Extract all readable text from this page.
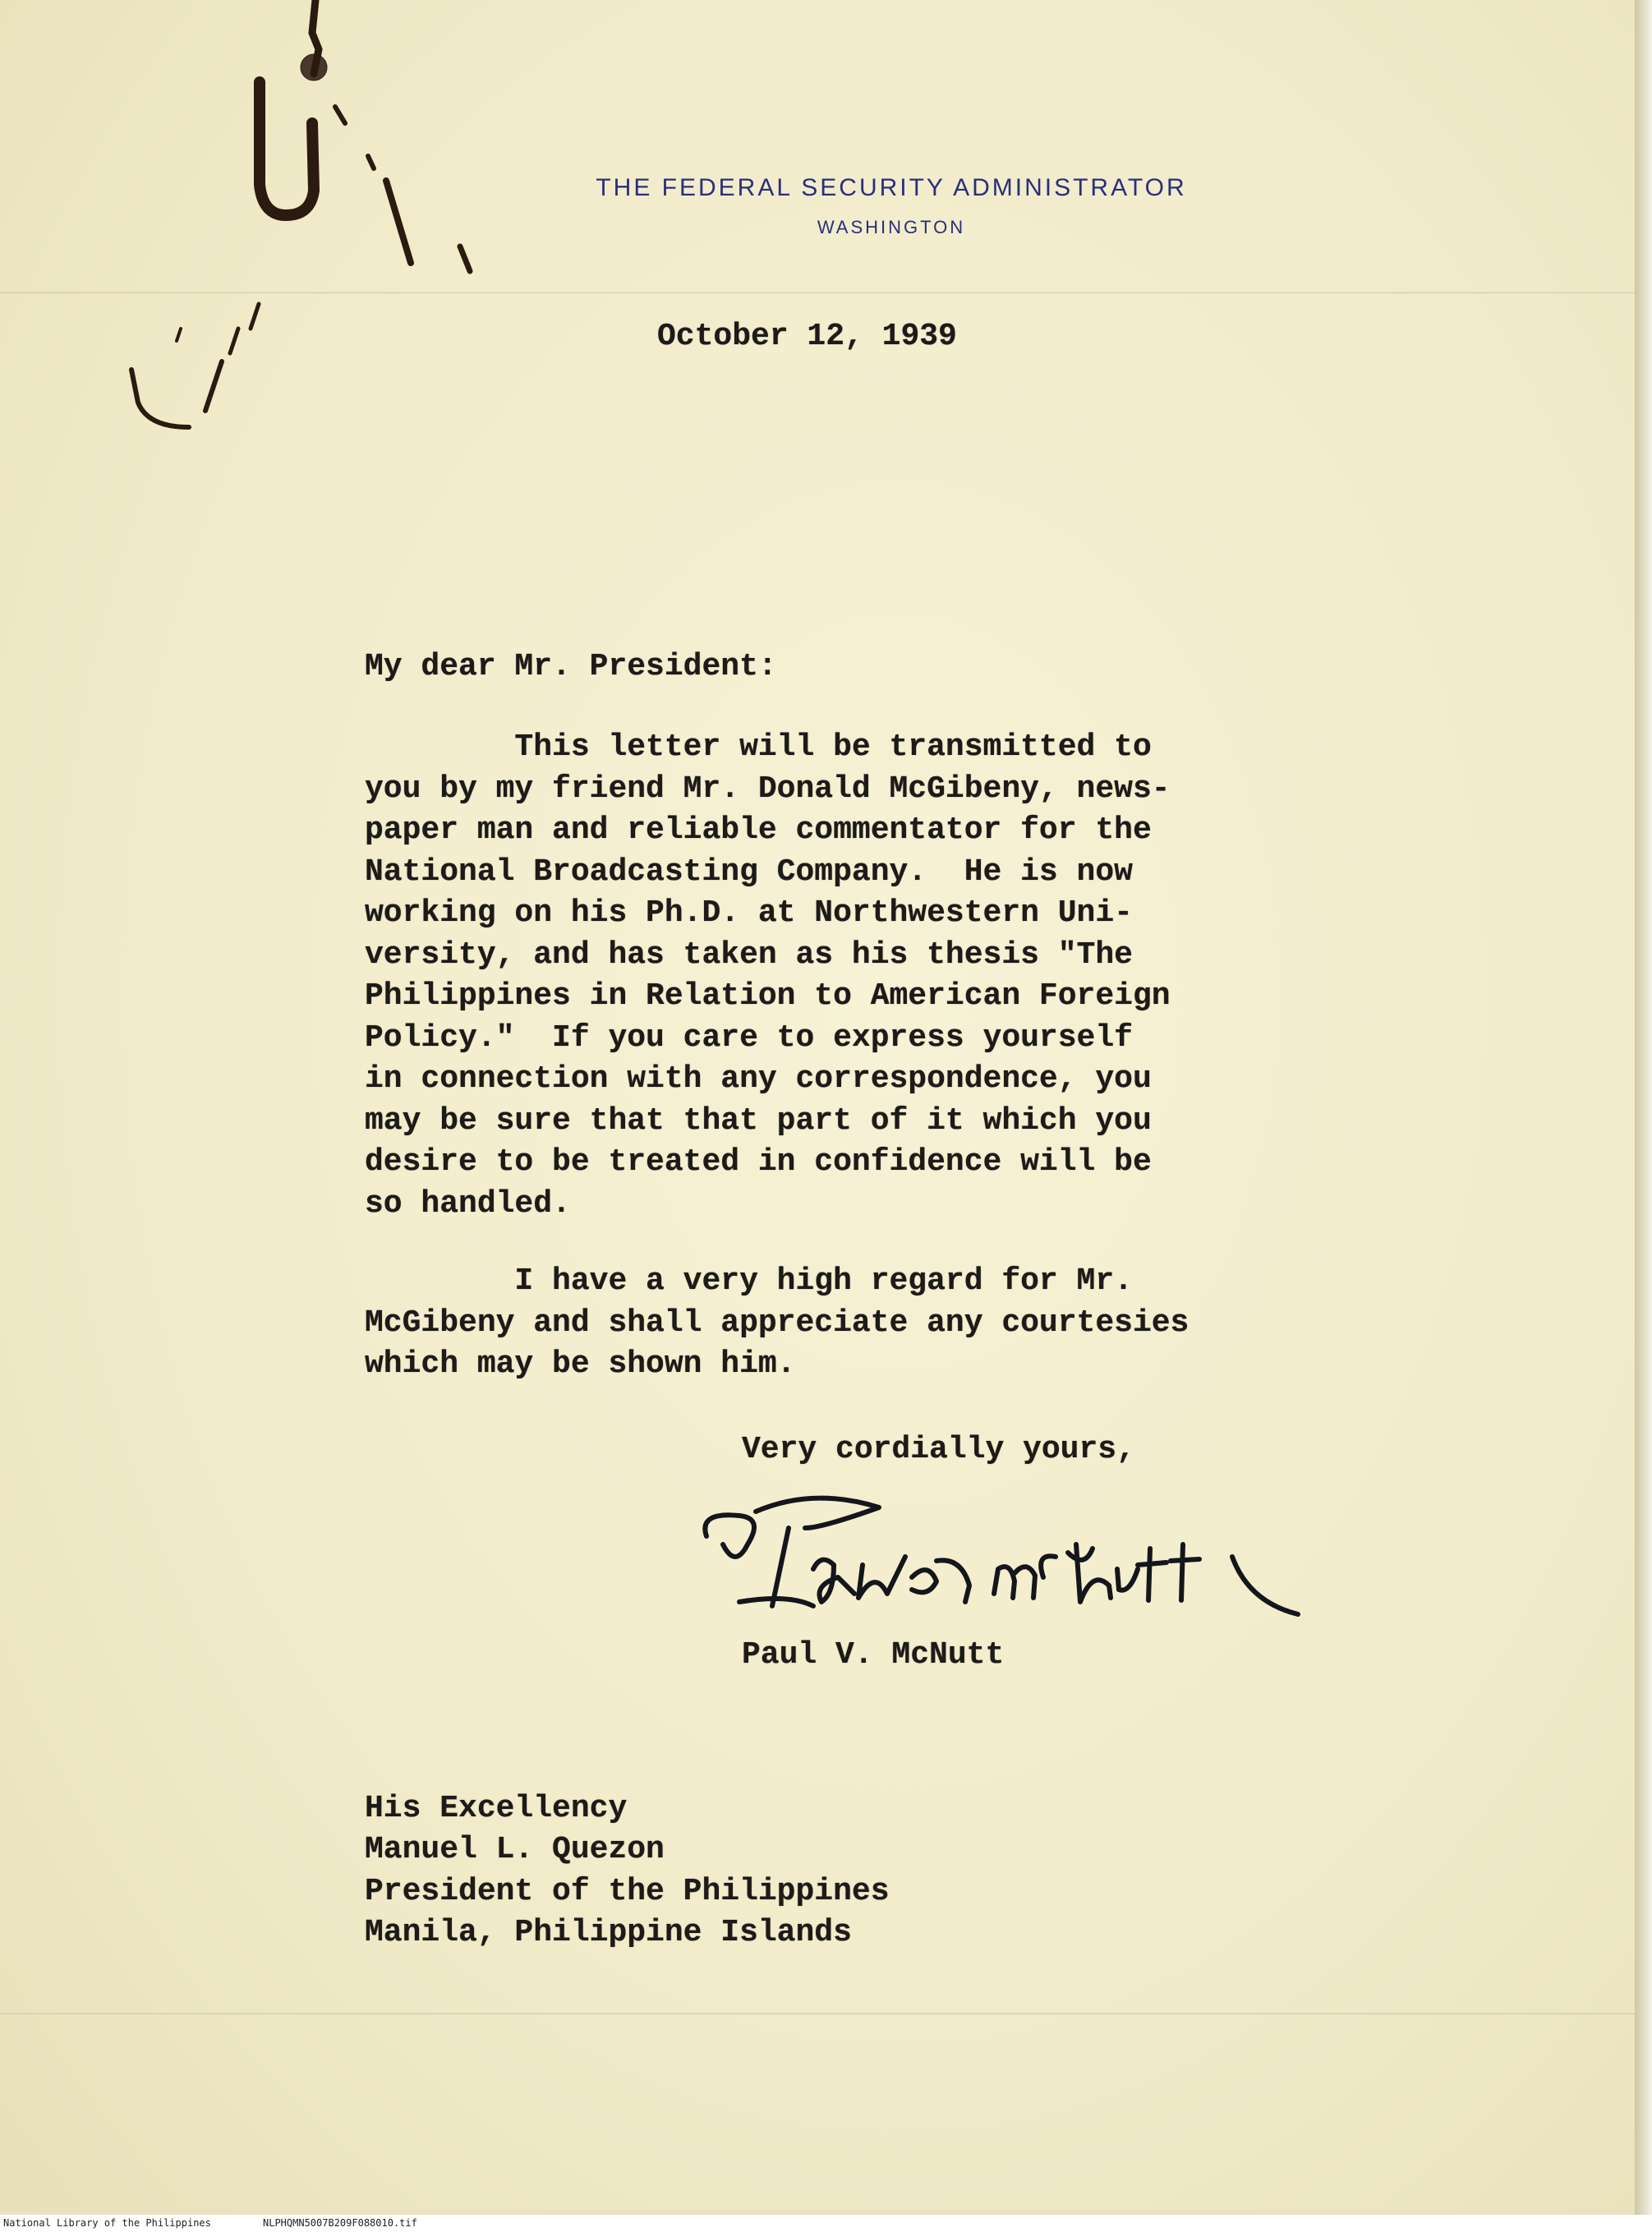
THE FEDERAL SECURITY ADMINISTRATOR
WASHINGTON
October 12, 1939
My dear Mr. President:
This letter will be transmitted to
you by my friend Mr. Donald McGibeny, news-
paper man and reliable commentator for the
National Broadcasting Company.  He is now
working on his Ph.D. at Northwestern Uni-
versity, and has taken as his thesis "The
Philippines in Relation to American Foreign
Policy."  If you care to express yourself
in connection with any correspondence, you
may be sure that that part of it which you
desire to be treated in confidence will be
so handled.
I have a very high regard for Mr.
McGibeny and shall appreciate any courtesies
which may be shown him.
Very cordially yours,
Paul V. McNutt

His Excellency
Manuel L. Quezon
President of the Philippines
Manila, Philippine Islands

National Library of the Philippines	NLPHQMN5007B209F088010.tif
